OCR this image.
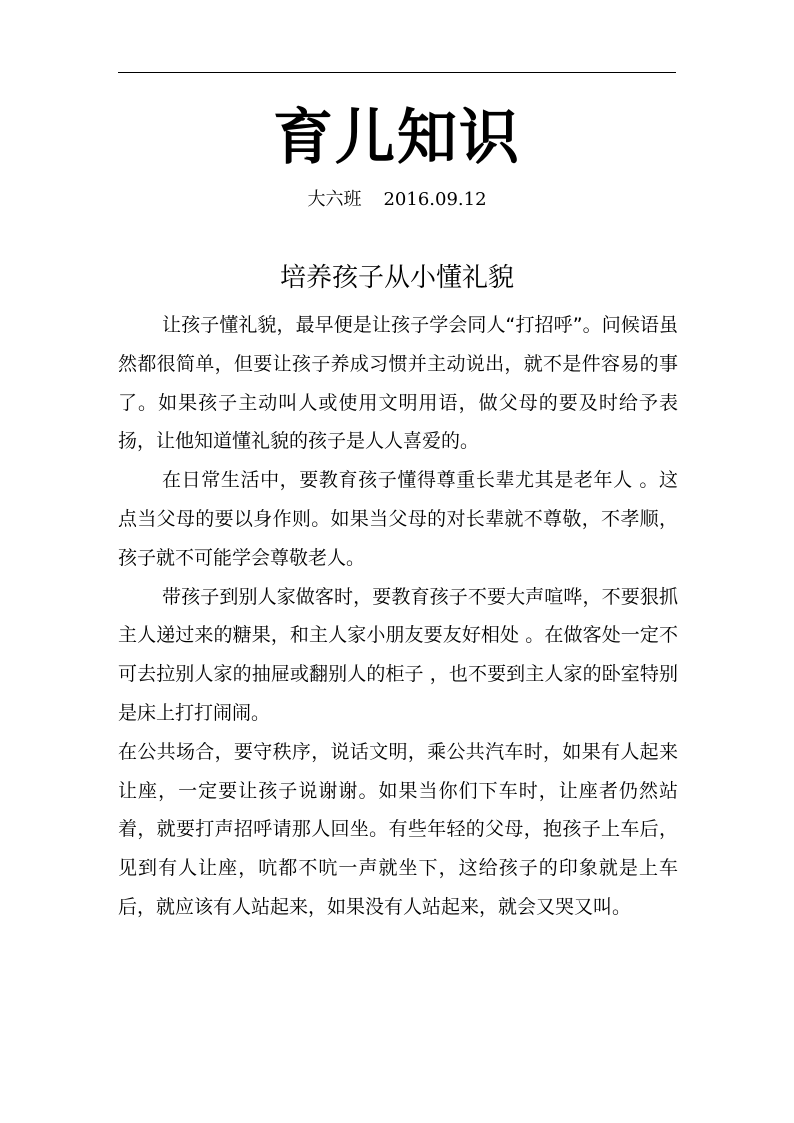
育儿知识
大六班 2016.09.12
培养孩子从小懂礼貌

让孩子懂礼貌，最早便是让孩子学会同人“打招呼”。问候语虽然都很简单，但要让孩子养成习惯并主动说出，就不是件容易的事了。如果孩子主动叫人或使用文明用语，做父母的要及时给予表扬，让他知道懂礼貌的孩子是人人喜爱的。

在日常生活中，要教育孩子懂得尊重长辈尤其是老年人 。这点当父母的要以身作则。如果当父母的对长辈就不尊敬，不孝顺，孩子就不可能学会尊敬老人。

带孩子到别人家做客时，要教育孩子不要大声喧哗，不要狠抓主人递过来的糖果，和主人家小朋友要友好相处 。在做客处一定不可去拉别人家的抽屉或翻别人的柜子 ，也不要到主人家的卧室特别是床上打打闹闹。

在公共场合，要守秩序，说话文明，乘公共汽车时，如果有人起来让座，一定要让孩子说谢谢。如果当你们下车时，让座者仍然站着，就要打声招呼请那人回坐。有些年轻的父母，抱孩子上车后，见到有人让座，吭都不吭一声就坐下，这给孩子的印象就是上车后，就应该有人站起来，如果没有人站起来，就会又哭又叫。
